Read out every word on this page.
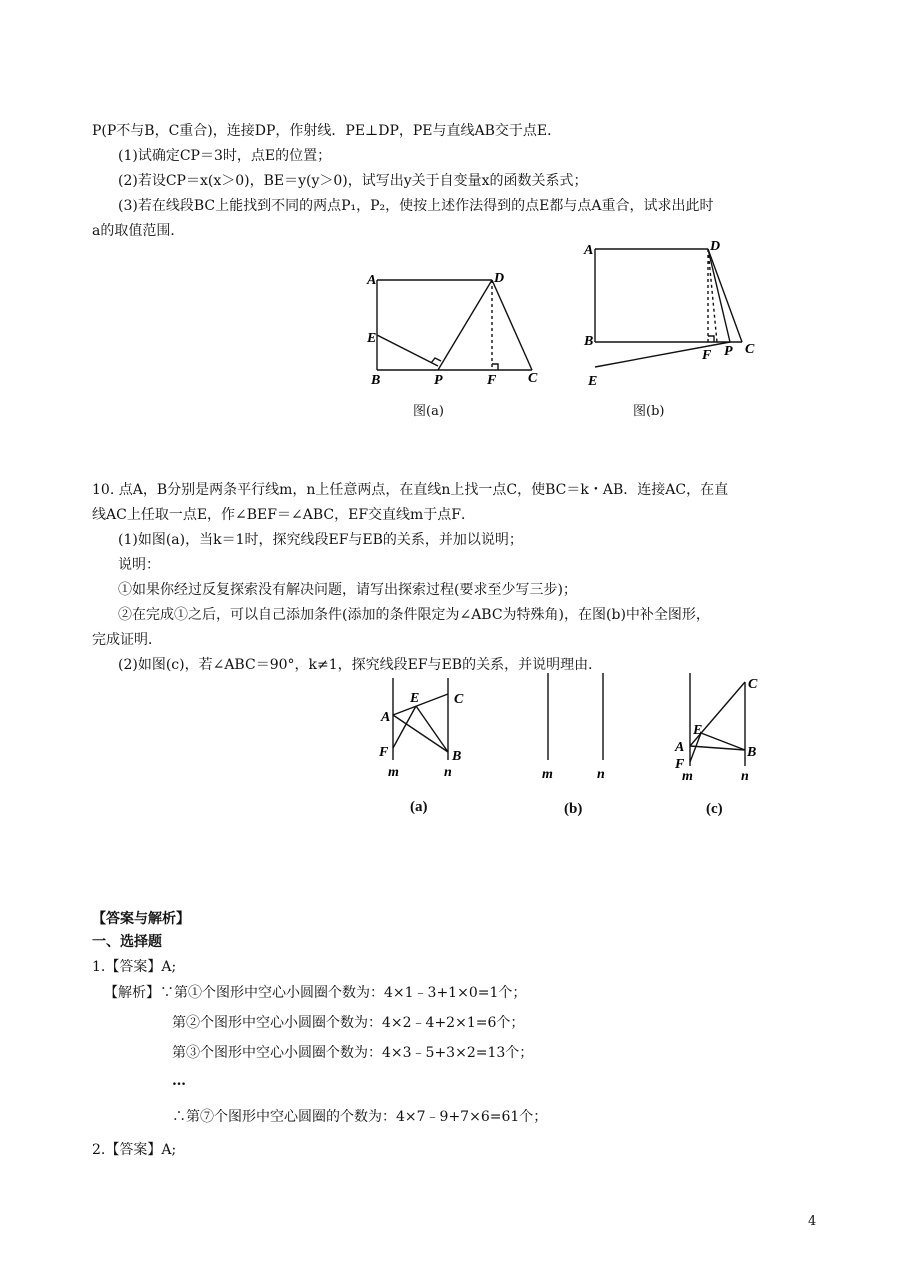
P(P不与B，C重合)，连接DP，作射线．PE⊥DP，PE与直线AB交于点E．
(1)试确定CP＝3时，点E的位置；
(2)若设CP＝x(x＞0)，BE＝y(y＞0)，试写出y关于自变量x的函数关系式；
(3)若在线段BC上能找到不同的两点P₁，P₂，使按上述作法得到的点E都与点A重合，试求出此时
a的取值范围．
A	D
E
B	P	F C
图(a)
A	D
B
F P C
E
图(b)
10. 点A，B分别是两条平行线m，n上任意两点，在直线n上找一点C，使BC＝k・AB．连接AC，在直
线AC上任取一点E，作∠BEF＝∠ABC，EF交直线m于点F．
(1)如图(a)，当k＝1时，探究线段EF与EB的关系，并加以说明；
说明：
①如果你经过反复探索没有解决问题，请写出探索过程(要求至少写三步)；
②在完成①之后，可以自己添加条件(添加的条件限定为∠ABC为特殊角)，在图(b)中补全图形，
完成证明．
(2)如图(c)，若∠ABC＝90°，k≠1，探究线段EF与EB的关系，并说明理由．
E C
A
F	B
m	n
(a)
m	n
(b)
C
E
A	B
F
m	n
(c)
【答案与解析】
一、选择题
1.【答案】A;
【解析】∵第①个图形中空心小圆圈个数为：4×1﹣3+1×0=1个；
第②个图形中空心小圆圈个数为：4×2﹣4+2×1=6个；
第③个图形中空心小圆圈个数为：4×3﹣5+3×2=13个；
…
∴第⑦个图形中空心圆圈的个数为：4×7﹣9+7×6=61个；
2.【答案】A;
4
